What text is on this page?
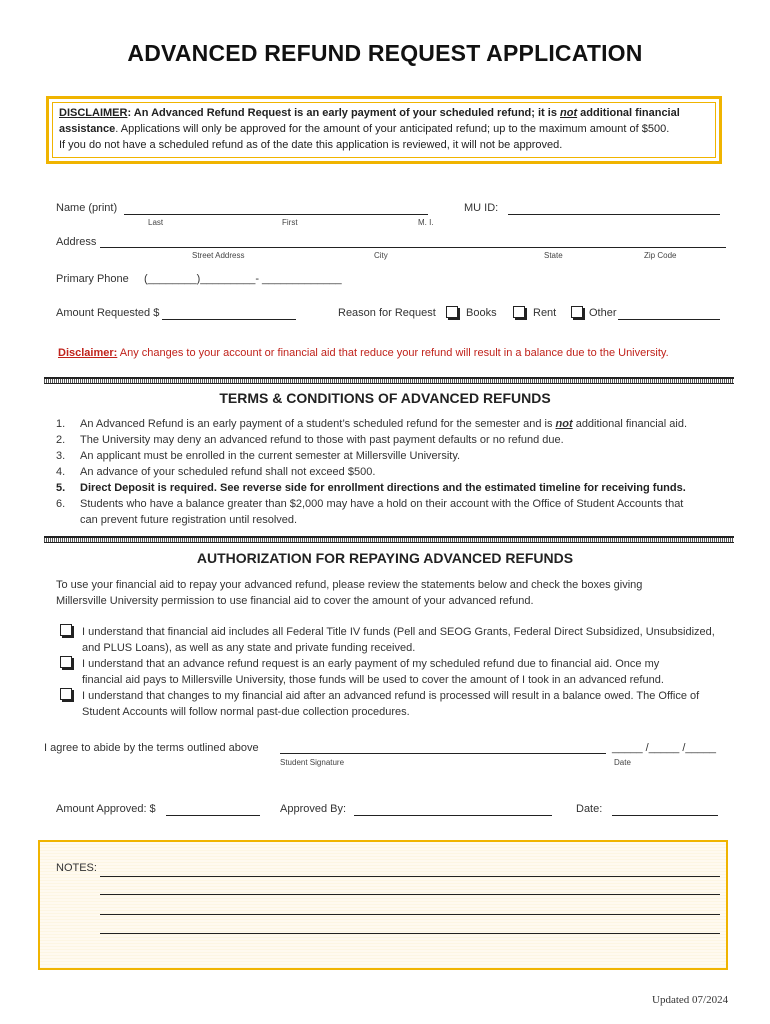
ADVANCED REFUND REQUEST APPLICATION
DISCLAIMER: An Advanced Refund Request is an early payment of your scheduled refund; it is not additional financial
assistance. Applications will only be approved for the amount of your anticipated refund; up to the maximum amount of $500.
If you do not have a scheduled refund as of the date this application is reviewed, it will not be approved.
Name (print)
Last	First	M. I.
MU ID:
Address
Street Address	City	State	Zip Code
Primary Phone (________)_________- _____________
Amount Requested $	Reason for Request	Books	Rent	Other
Disclaimer: Any changes to your account or financial aid that reduce your refund will result in a balance due to the University.
TERMS & CONDITIONS OF ADVANCED REFUNDS
1. An Advanced Refund is an early payment of a student’s scheduled refund for the semester and is not additional financial aid.
2. The University may deny an advanced refund to those with past payment defaults or no refund due.
3. An applicant must be enrolled in the current semester at Millersville University.
4. An advance of your scheduled refund shall not exceed $500.
5. Direct Deposit is required. See reverse side for enrollment directions and the estimated timeline for receiving funds.
6. Students who have a balance greater than $2,000 may have a hold on their account with the Office of Student Accounts that
can prevent future registration until resolved.
AUTHORIZATION FOR REPAYING ADVANCED REFUNDS
To use your financial aid to repay your advanced refund, please review the statements below and check the boxes giving
Millersville University permission to use financial aid to cover the amount of your advanced refund.
I understand that financial aid includes all Federal Title IV funds (Pell and SEOG Grants, Federal Direct Subsidized, Unsubsidized,
and PLUS Loans), as well as any state and private funding received.
I understand that an advance refund request is an early payment of my scheduled refund due to financial aid. Once my
financial aid pays to Millersville University, those funds will be used to cover the amount of I took in an advanced refund.
I understand that changes to my financial aid after an advanced refund is processed will result in a balance owed. The Office of
Student Accounts will follow normal past-due collection procedures.
I agree to abide by the terms outlined above
Student Signature
_____ /_____ /_____
Date
Amount Approved: $	Approved By:	Date:
NOTES:
Updated 07/2024
